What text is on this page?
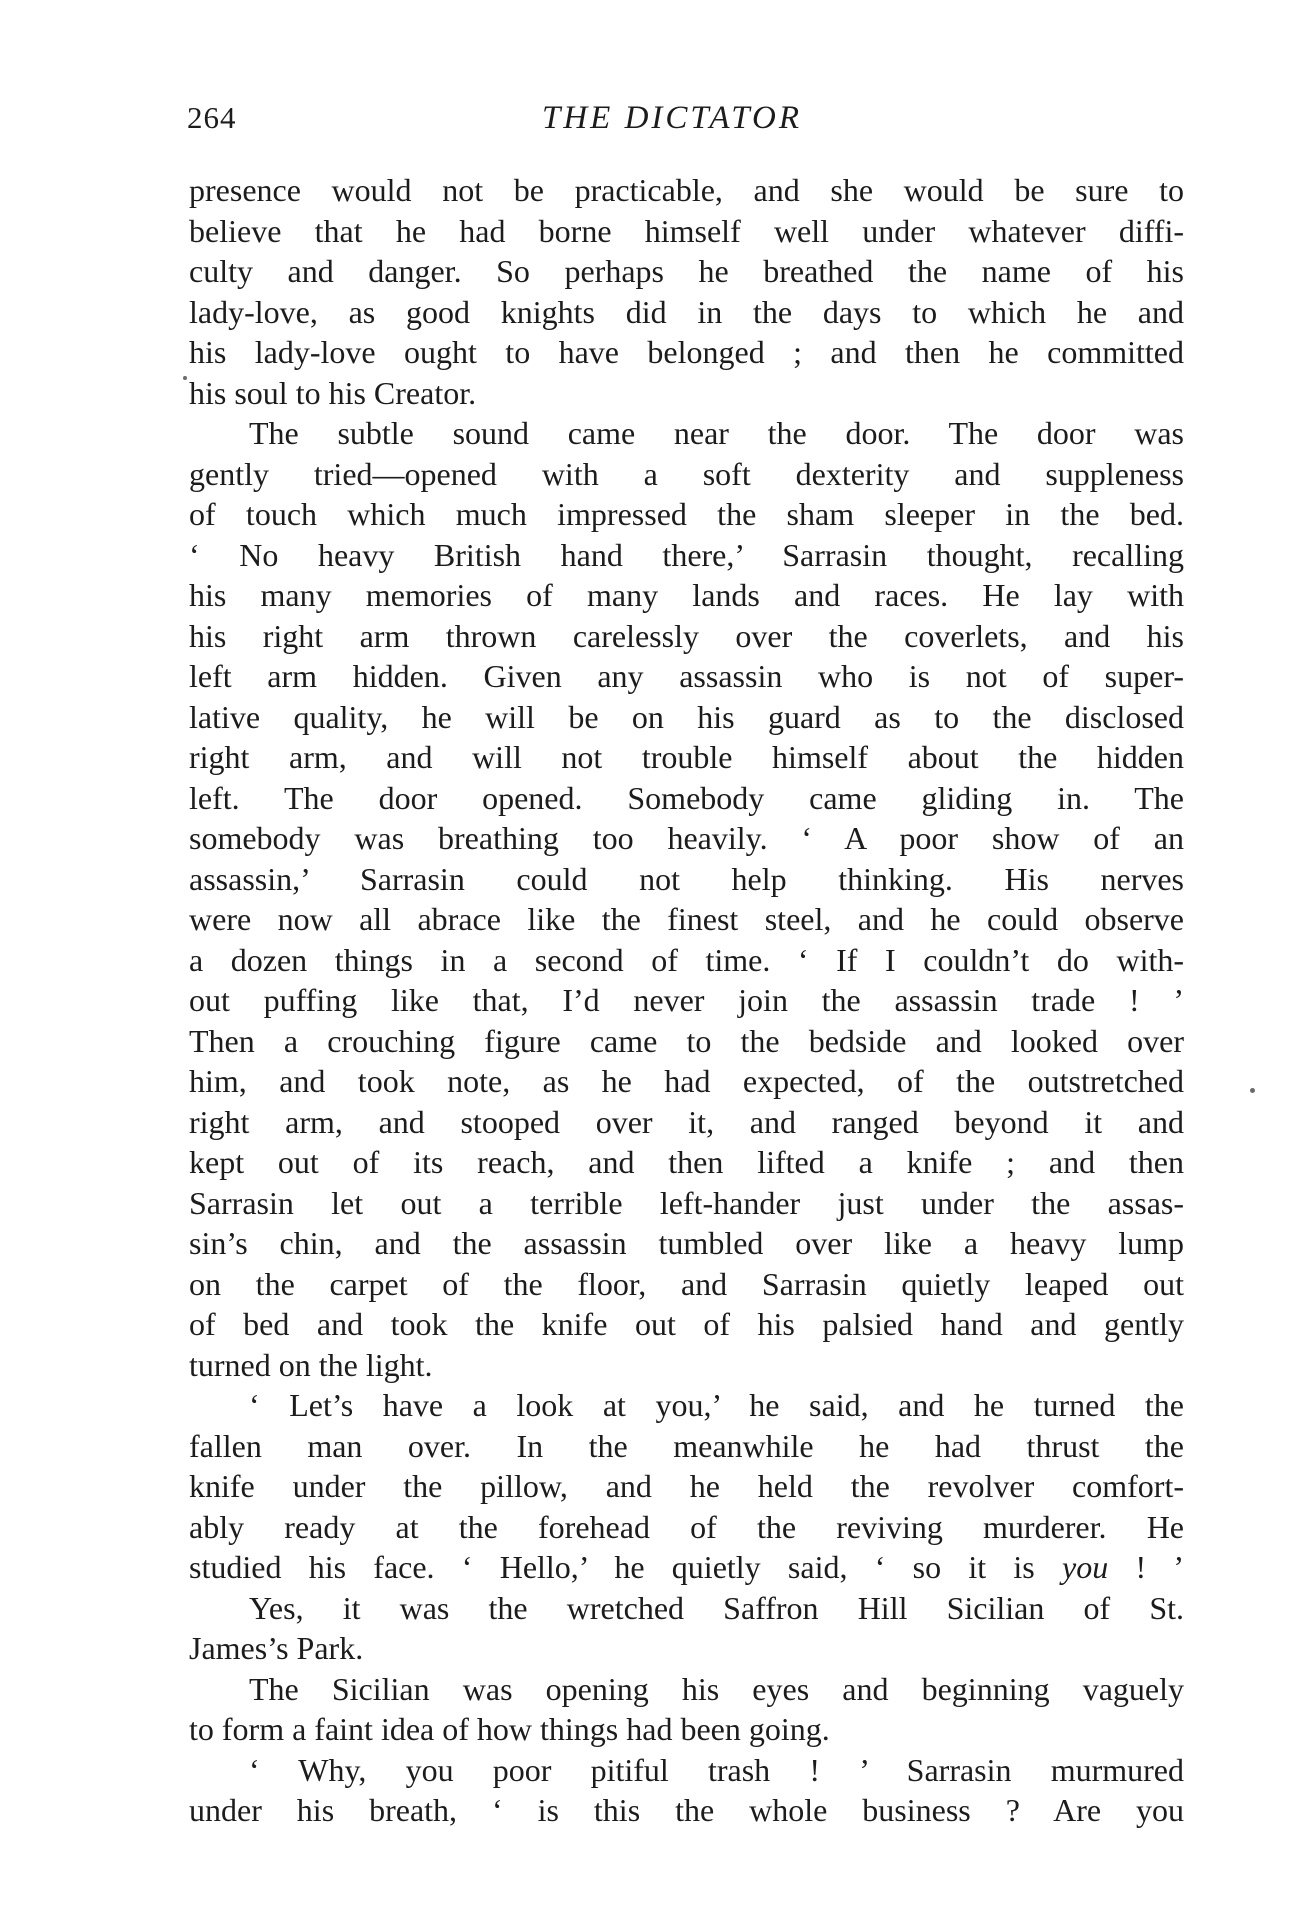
264	THE DICTATOR
presence would not be practicable, and she would be sure to
believe that he had borne himself well under whatever diffi-
culty and danger. So perhaps he breathed the name of his
lady-love, as good knights did in the days to which he and
his lady-love ought to have belonged ; and then he committed
his soul to his Creator.
The subtle sound came near the door. The door was
gently tried—opened with a soft dexterity and suppleness
of touch which much impressed the sham sleeper in the bed.
‘ No heavy British hand there,’ Sarrasin thought, recalling
his many memories of many lands and races. He lay with
his right arm thrown carelessly over the coverlets, and his
left arm hidden. Given any assassin who is not of super-
lative quality, he will be on his guard as to the disclosed
right arm, and will not trouble himself about the hidden
left. The door opened. Somebody came gliding in. The
somebody was breathing too heavily. ‘ A poor show of an
assassin,’ Sarrasin could not help thinking. His nerves
were now all abrace like the finest steel, and he could observe
a dozen things in a second of time. ‘ If I couldn’t do with-
out puffing like that, I’d never join the assassin trade ! ’
Then a crouching figure came to the bedside and looked over
him, and took note, as he had expected, of the outstretched
right arm, and stooped over it, and ranged beyond it and
kept out of its reach, and then lifted a knife ; and then
Sarrasin let out a terrible left-hander just under the assas-
sin’s chin, and the assassin tumbled over like a heavy lump
on the carpet of the floor, and Sarrasin quietly leaped out
of bed and took the knife out of his palsied hand and gently
turned on the light.
‘ Let’s have a look at you,’ he said, and he turned the
fallen man over. In the meanwhile he had thrust the
knife under the pillow, and he held the revolver comfort-
ably ready at the forehead of the reviving murderer. He
studied his face. ‘ Hello,’ he quietly said, ‘ so it is you ! ’
Yes, it was the wretched Saffron Hill Sicilian of St.
James’s Park.
The Sicilian was opening his eyes and beginning vaguely
to form a faint idea of how things had been going.
‘ Why, you poor pitiful trash ! ’ Sarrasin murmured
under his breath, ‘ is this the whole business ? Are you
